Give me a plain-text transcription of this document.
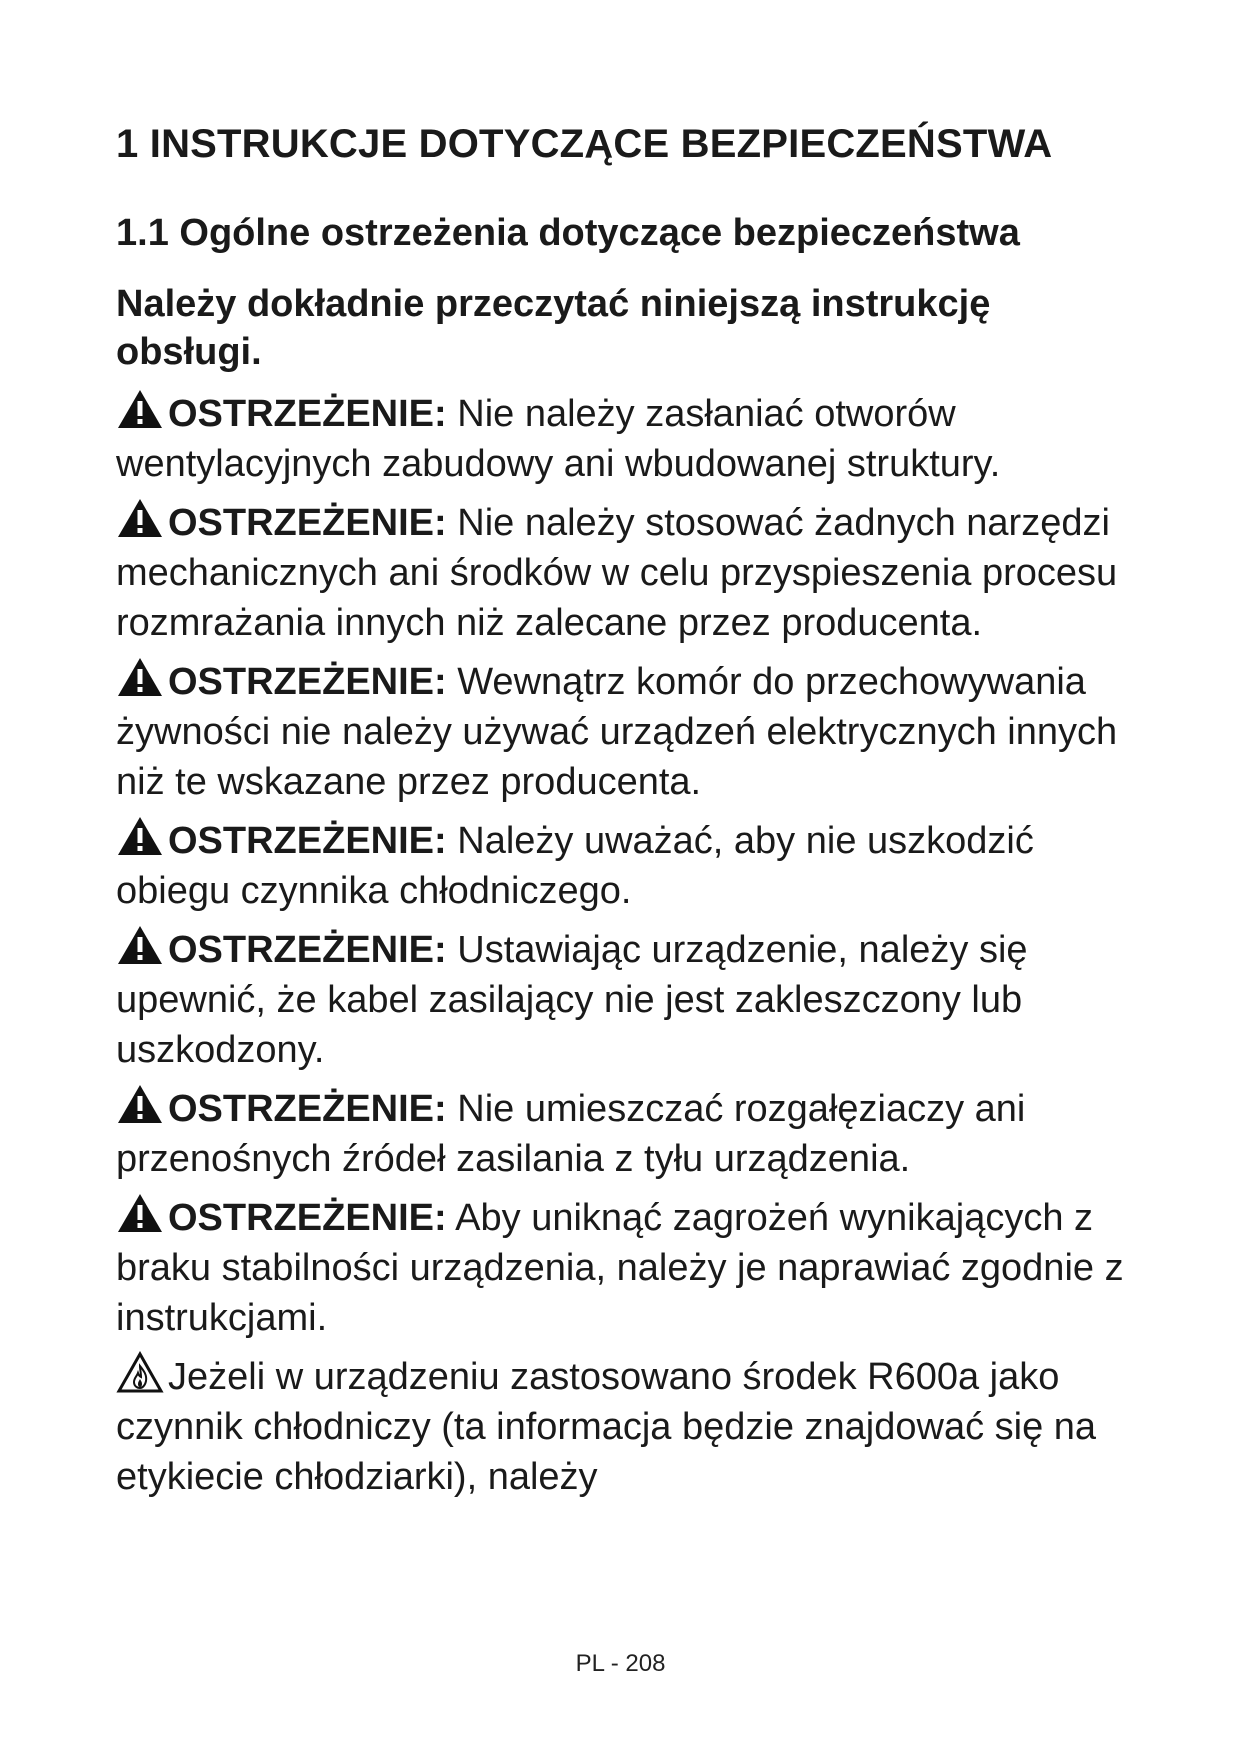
1 INSTRUKCJE DOTYCZĄCE BEZPIECZEŃSTWA
1.1 Ogólne ostrzeżenia dotyczące bezpieczeństwa
Należy dokładnie przeczytać niniejszą instrukcję obsługi.
OSTRZEŻENIE: Nie należy zasłaniać otworów wentylacyjnych zabudowy ani wbudowanej struktury.
OSTRZEŻENIE: Nie należy stosować żadnych narzędzi mechanicznych ani środków w celu przyspieszenia procesu rozmrażania innych niż zalecane przez producenta.
OSTRZEŻENIE: Wewnątrz komór do przechowywania żywności nie należy używać urządzeń elektrycznych innych niż te wskazane przez producenta.
OSTRZEŻENIE: Należy uważać, aby nie uszkodzić obiegu czynnika chłodniczego.
OSTRZEŻENIE: Ustawiając urządzenie, należy się upewnić, że kabel zasilający nie jest zakleszczony lub uszkodzony.
OSTRZEŻENIE: Nie umieszczać rozgałęziaczy ani przenośnych źródeł zasilania z tyłu urządzenia.
OSTRZEŻENIE: Aby uniknąć zagrożeń wynikających z braku stabilności urządzenia, należy je naprawiać zgodnie z instrukcjami.
Jeżeli w urządzeniu zastosowano środek R600a jako czynnik chłodniczy (ta informacja będzie znajdować się na etykiecie chłodziarki), należy
PL - 208
